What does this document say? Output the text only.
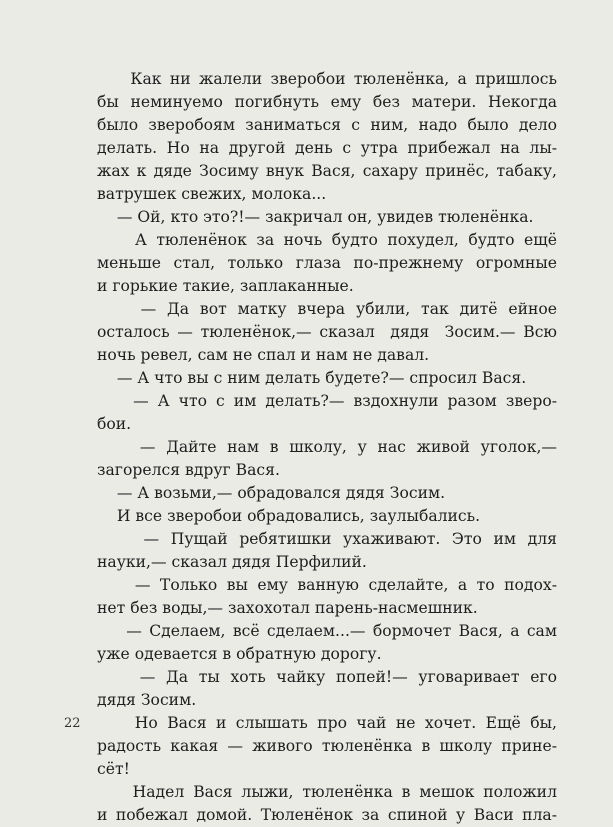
Как ни жалели зверобои тюленёнка, а пришлось
бы неминуемо погибнуть ему без матери. Некогда
было зверобоям заниматься с ним, надо было дело
делать. Но на другой день с утра прибежал на лы-
жах к дяде Зосиму внук Вася, сахару принёс, табаку,
ватрушек свежих, молока...
— Ой, кто это?!— закричал он, увидев тюленёнка.
А тюленёнок за ночь будто похудел, будто ещё
меньше стал, только глаза по-прежнему огромные
и горькие такие, заплаканные.
— Да вот матку вчера убили, так дитё ейное
осталось — тюленёнок,— сказал  дядя  Зосим.— Всю
ночь ревел, сам не спал и нам не давал.
— А что вы с ним делать будете?— спросил Вася.
— А что с им делать?— вздохнули разом звер​о-
бои.
— Дайте нам в школу, у нас живой уголок,—
загорелся вдруг Вася.
— А возьми,— обрадовался дядя Зосим.
И все зверобои обрадовались, заулыбались.
— Пущай ребятишки ухаживают. Это им для
науки,— сказал дядя Перфилий.
— Только вы ему ванную сделайте, а то подох-
нет без воды,— захохотал парень-насмешник.
— Сделаем, всё сделаем...— бормочет Вася, а сам
уже одевается в обратную дорогу.
— Да ты хоть чайку попей!— уговаривает его
дядя Зосим.
Но Вася и слышать про чай не хочет. Ещё бы,
радость какая — живого тюленёнка в школу прине-
сёт!
Надел Вася лыжи, тюленёнка в мешок положил
и побежал домой. Тюленёнок за спиной у Васи пла-
22
